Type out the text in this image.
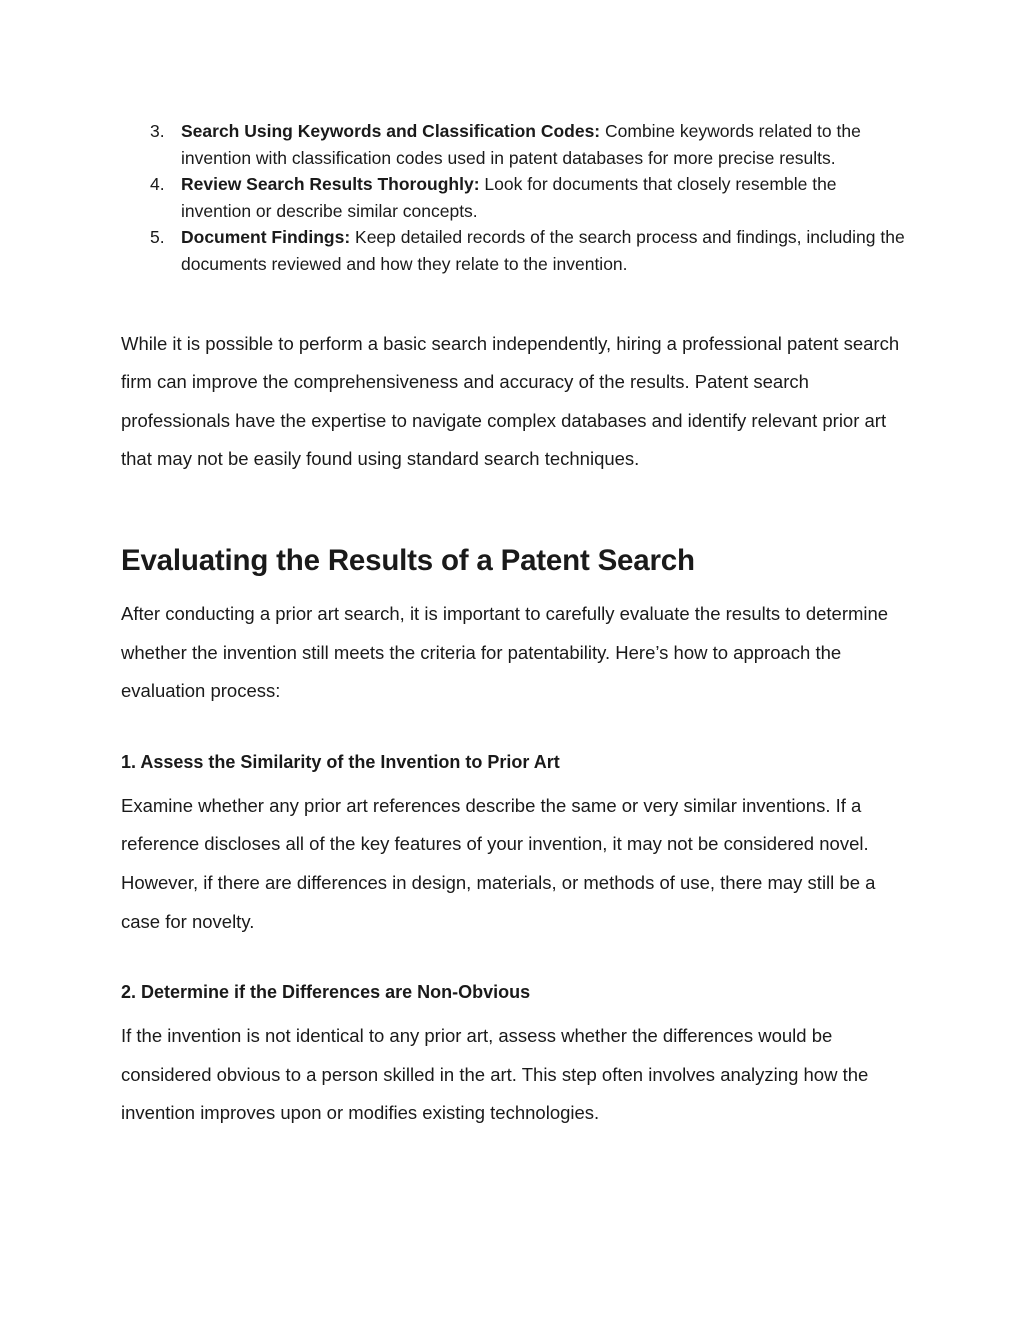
3. Search Using Keywords and Classification Codes: Combine keywords related to the invention with classification codes used in patent databases for more precise results.
4. Review Search Results Thoroughly: Look for documents that closely resemble the invention or describe similar concepts.
5. Document Findings: Keep detailed records of the search process and findings, including the documents reviewed and how they relate to the invention.

While it is possible to perform a basic search independently, hiring a professional patent search firm can improve the comprehensiveness and accuracy of the results. Patent search professionals have the expertise to navigate complex databases and identify relevant prior art that may not be easily found using standard search techniques.

Evaluating the Results of a Patent Search

After conducting a prior art search, it is important to carefully evaluate the results to determine whether the invention still meets the criteria for patentability. Here’s how to approach the evaluation process:

1. Assess the Similarity of the Invention to Prior Art

Examine whether any prior art references describe the same or very similar inventions. If a reference discloses all of the key features of your invention, it may not be considered novel. However, if there are differences in design, materials, or methods of use, there may still be a case for novelty.

2. Determine if the Differences are Non-Obvious

If the invention is not identical to any prior art, assess whether the differences would be considered obvious to a person skilled in the art. This step often involves analyzing how the invention improves upon or modifies existing technologies.
